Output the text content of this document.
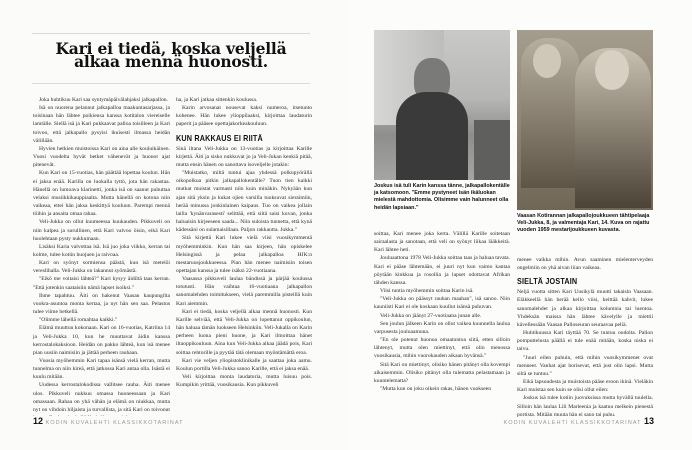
Kari ei tiedä, koska veljellä alkaa mennä huonosti.

Joka huhtikuu Kari saa syntymäpäivälahjaksi jalkapallon.

Isä on nuorena pelannut jalkapalloa maakuntasarjassa, ja toisinaan hän lähtee poikiensa kanssa kotitalon viereiselle lamtälle. Siellä isä ja Kari pukkaavat palloa toisilleen ja Kari toivoo, että jalkapallo pysyisi ikuisesti ilmassa heidän välillään.

Hyvien hetkien muistoissa Kari on aina alle kouluikäinen. Vuosi vuodelta hyvät hetket vähenevät ja huonot ajat pitenevät.

Kun Kari on 15-vuotias, hän päättää lopettaa koulun. Hän ei jaksa enää. Karilla on luokalla tyttö, jota hän rakastaa. Hänellä on lumoava klarinetti, jonka isä on saanut puhuttaa velaksi musiikkikauppiaalta. Mutta hänellä on kotona niin vaikeaa, ettei hän jaksa keskittyä kouluun. Parempi mennä töihin ja ansaita omaa rahaa.

Veli-Jukka on ollut kuumeessa kuukauden. Pikkuveli on niin kalpea ja surullinen, että Kari valvoo öisin, eikä Kari huolehtaan pysty nukkumaan.

Lisäksi Karia valvottaa isä. Isä juo joka viikko, kerran tai kolme, tulee kotiin huojuen ja raivoaa.

Kari on syönyt sormiensa päästä, kun isä metelöi vereslihalla. Veli-Jukka on lakannut syömästä.

"Eikö me voitaisi lähteä?" Kari kysyy äidiltä taas kerran. "Että jotenkin saataisiin nämä lapset isoiksi."

Ihme tapahtuu. Äiti on hakenut Vaasan kaupungilta vuokra-asuntoa monta kertaa, ja nyt hän sen saa. Pelastus tulee viime hetkellä.

"Olimme lähellä romahtaa kaikki."

Elämä muuttuu kokonaan. Kari on 16-vuotias, Katriina 14 ja Veli-Jukka 10, kun he muuttavat äidin kanssa kerrostalokaksioon. Heidän on pakko lähteä, kun isä menee pian uusiin naimisiin ja jättää perheen rauhaan.

Vuosia myöhemmin Kari tapaa isänsä vielä kerran, mutta tunnelma on niin kireä, että jatkossa Kari antaa olla. Isästä ei kuulu mitään.

Uudessa kerrostalokodissa vallitsee rauha. Äiti menee ulos. Pikkuveli nukkuu omassa huoneessaan ja Kari omassaan. Rahaa on yhä vähän ja elämä on niukkaa, mutta nyt on vihdoin hiljaista ja turvallista, ja sitä Kari on toivonut

ha, ja Kari jatkaa sittenkin koulussa.

Karin arvosanat nousevat kaksi numeroa, itsetunto kohenee. Hän lukee ylioppilaaksi, kirjoittaa laudaturin paperit ja pääsee opettajakorkeakouluun.

KUN RAKKAUS EI RIITÄ

Sinä iltana Veli-Jukka on 13-vuotias ja kirjoittaa Karille kirjettä. Äiti ja sisko nukkuvat jo ja Veli-Jukan kenkiä pitää, mutta ensin hänen on sanottava isoveljelle jotakin:

"Muistatko, miltä tuntui ajaa yhdessä polkupyörällä oikopolkua pitkin jalkapallokentälle? Tuon tien kaikki mutkat muistat varmasti niin kuin minäkin. Nykyään kun ajan sitä yksin ja kukat ojien varsilla tuoksuvat sieraimiin, herää minussa jonkinlainen kaipaus. Tuo on vaikea jollain lailla 'kynänvarasesti' selittää, että siitä saisi kuvan, jonka haluaisin kirjeeseen saada... Niin suloista tunnetta, että kynä kädessäni on sulamaisillaan. Paljon rakkautta. Jukka."

Sitä kirjettä Kari lukee vielä viisi vuosikymmentä myöhemminkin. Kun hän saa kirjeen, hän opiskelee Helsingissä ja pelaa jalkapalloa HJK:n mestaruusjoukkueessa. Pian hän menee naimisiin toisen opettajan kanssa ja tulee isäksi 22-vuotiaana.

Vaasassa pikkuveli laulaa bändissä ja pärjää koulussa totutusti. Hän vaihtaa 16-vuotiaana jalkapallon sanomalehden toimitukseen, vielä paremmilla pisteillä kuin Kari aiemmin.

Kari ei tiedä, koska veljellä alkaa mennä huonosti. Kun Karille selviää, että Veli-Jukka on lopettanut oppikoulun, hän haluaa tämän luokseen Helsinkiin. Veli-Jukalla on Karin perheen luona pieni huone, ja Kari ilmoittaa hänet iltaoppikouluun. Aina kun Veli-Jukka alkaa jäädä pois, Kari soittaa rehtorille ja pyytää tätä olemaan myöntämättä eroa.

Kari vie veljen yliopistoklinikalle ja saattaa joka aamu. Koulun portilla Veli-Jukka sanoo Karille, että ei jaksa enää.

Veli kirjoittaa monta laudaturia, mutta luisuu pois. Kumpikin yrittää, vuosikausia. Kun pikkuveli

12 KODIN KUVALEHTI KLASSIKKOTARINAT
Joskus isä tuli Karin kanssa tänne, jalkapallokentälle ja katsomoon. "Emme pystyneet isän ikäluokan mielestä mahdottomia. Olisimme vain halunneet olla heidän lapsiaan."
Vaasan Kotirannan jalkapallojoukkueen tähtipelaaja Veli-Jukka, 8, ja valmentaja Kari, 14. Kuva on rajattu vuoden 1959 mestarijoukkueen kuvasta.

soittaa, Kari menee joka kerta. Välillä Karille soitetaan sairaalasta ja sanotaan, että veli on syönyt liikaa lääkkeitä. Kari lähtee heti.

Jouluaattona 1978 Veli-Jukka soittaa taas ja haluaa tavata. Kari ei pääse lähtemään, ei juuri nyt kun vaimo kantaa pöytään kinkkua ja rosollia ja lapset odottavat Afrikan tähden kanssa.

Viisi tuntia myöhemmin soittaa Karin isä.

"Veli-Jukka on päässyt rauhan maahan", isä sanoo. Niin kauniisti Kari ei ole koskaan kuullut isänsä puhuvan.

Veli-Jukka on jäänyt 27-vuotiaana junan alle.

Sen joulun jälkeen Karin on ollut vaikea kuunnella laulua varpusesta jouluaamuna.

"En ole potenut huonoa omaatuntoa siitä, etten silloin lähtenyt, mutta olen miettinyt, että olin menossa vuosikausia, mihin vuorokauden aikaan hyvänsä."

Sitä Kari on miettinyt, olisiko hänen pitänyt olla kovempi aikaisemmin. Olisiko pitänyt olla tulematta pelastamaan ja kuuntelematta?

"Mutta kun on joku oikein rakas, hänen vuokseen

menee vaikka mihin. Avun saaminen mielenterveyden ongelmiin on yhä aivan liian vaikeaa.

SIELTÄ JOSTAIN

Neljä vuotta sitten Kari Uusikylä muutti takaisin Vaasaan. Eläkkeellä hän herää kello viisi, keittää kahvit, lukee sanomalehdet ja alkaa kirjoittaa kolumnia tai luentoa. Yhdeksän maissa hän lähtee kävelylle ja miettii kävellessään Vaasan Palloseuran seuraavaa peliä.

Huhtikuussa Kari täyttää 70. Se tuntuu oudolta. Pallon pomputtelusta päällä ei tule enää mitään, koska niska ei taivu.

"Juuri eilen puhuin, että mihin vuosikymmenet ovat menneet. Vanhat ajat horisevat, että just olin lapsi. Mutta siltä se tuntuu."

Eikä lapsuudesta ja muistoista pääse eroon ikinä. Vieläkin Kari muistaa sen kuin se olisi ollut eilen:

Joskus isä tulee kotiin juovuksissa mutta hyvällä tuulella. Silloin hän laulaa Lili Marleenia ja kaatuu melkein pienestä portista. Mitään muuta hän ei sano tai puhu.

KODIN KUVALEHTI KLASSIKKOTARINAT 13
